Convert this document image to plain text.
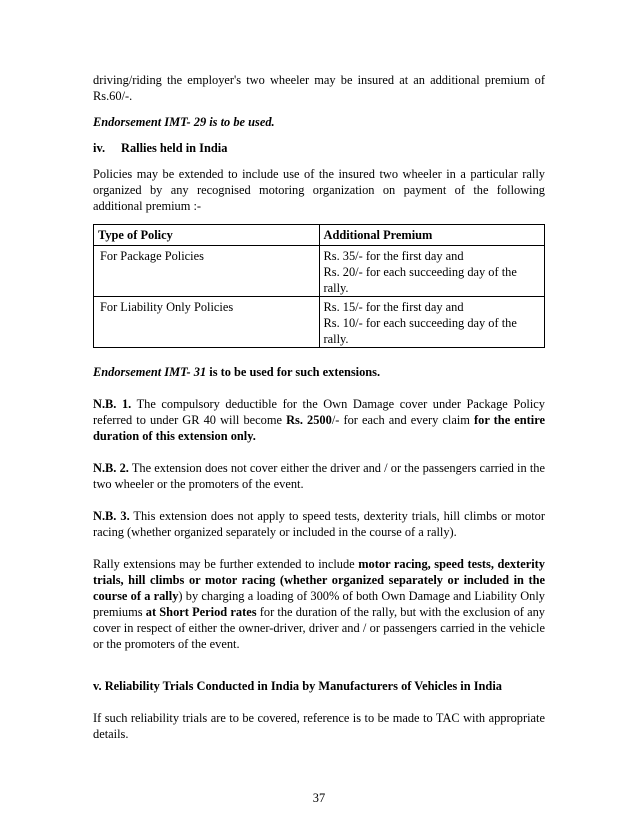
driving/riding the employer's two wheeler may be insured at an additional premium of Rs.60/-.

Endorsement IMT- 29 is to be used.

iv. Rallies held in India

Policies may be extended to include use of the insured two wheeler in a particular rally organized by any recognised motoring organization on payment of the following additional premium :-

Type of Policy	Additional Premium
For Package Policies	Rs. 35/- for the first day and
Rs. 20/- for each succeeding day of the rally.

For Liability Only Policies	Rs. 15/- for the first day and
Rs. 10/- for each succeeding day of the rally.

Endorsement IMT- 31 is to be used for such extensions.

N.B. 1. The compulsory deductible for the Own Damage cover under Package Policy referred to under GR 40 will become Rs. 2500/- for each and every claim for the entire duration of this extension only.

N.B. 2. The extension does not cover either the driver and / or the passengers carried in the two wheeler or the promoters of the event.

N.B. 3. This extension does not apply to speed tests, dexterity trials, hill climbs or motor racing (whether organized separately or included in the course of a rally).

Rally extensions may be further extended to include motor racing, speed tests, dexterity trials, hill climbs or motor racing (whether organized separately or included in the course of a rally) by charging a loading of 300% of both Own Damage and Liability Only premiums at Short Period rates for the duration of the rally, but with the exclusion of any cover in respect of either the owner-driver, driver and / or passengers carried in the vehicle or the promoters of the event.

v. Reliability Trials Conducted in India by Manufacturers of Vehicles in India

If such reliability trials are to be covered, reference is to be made to TAC with appropriate details.

37
